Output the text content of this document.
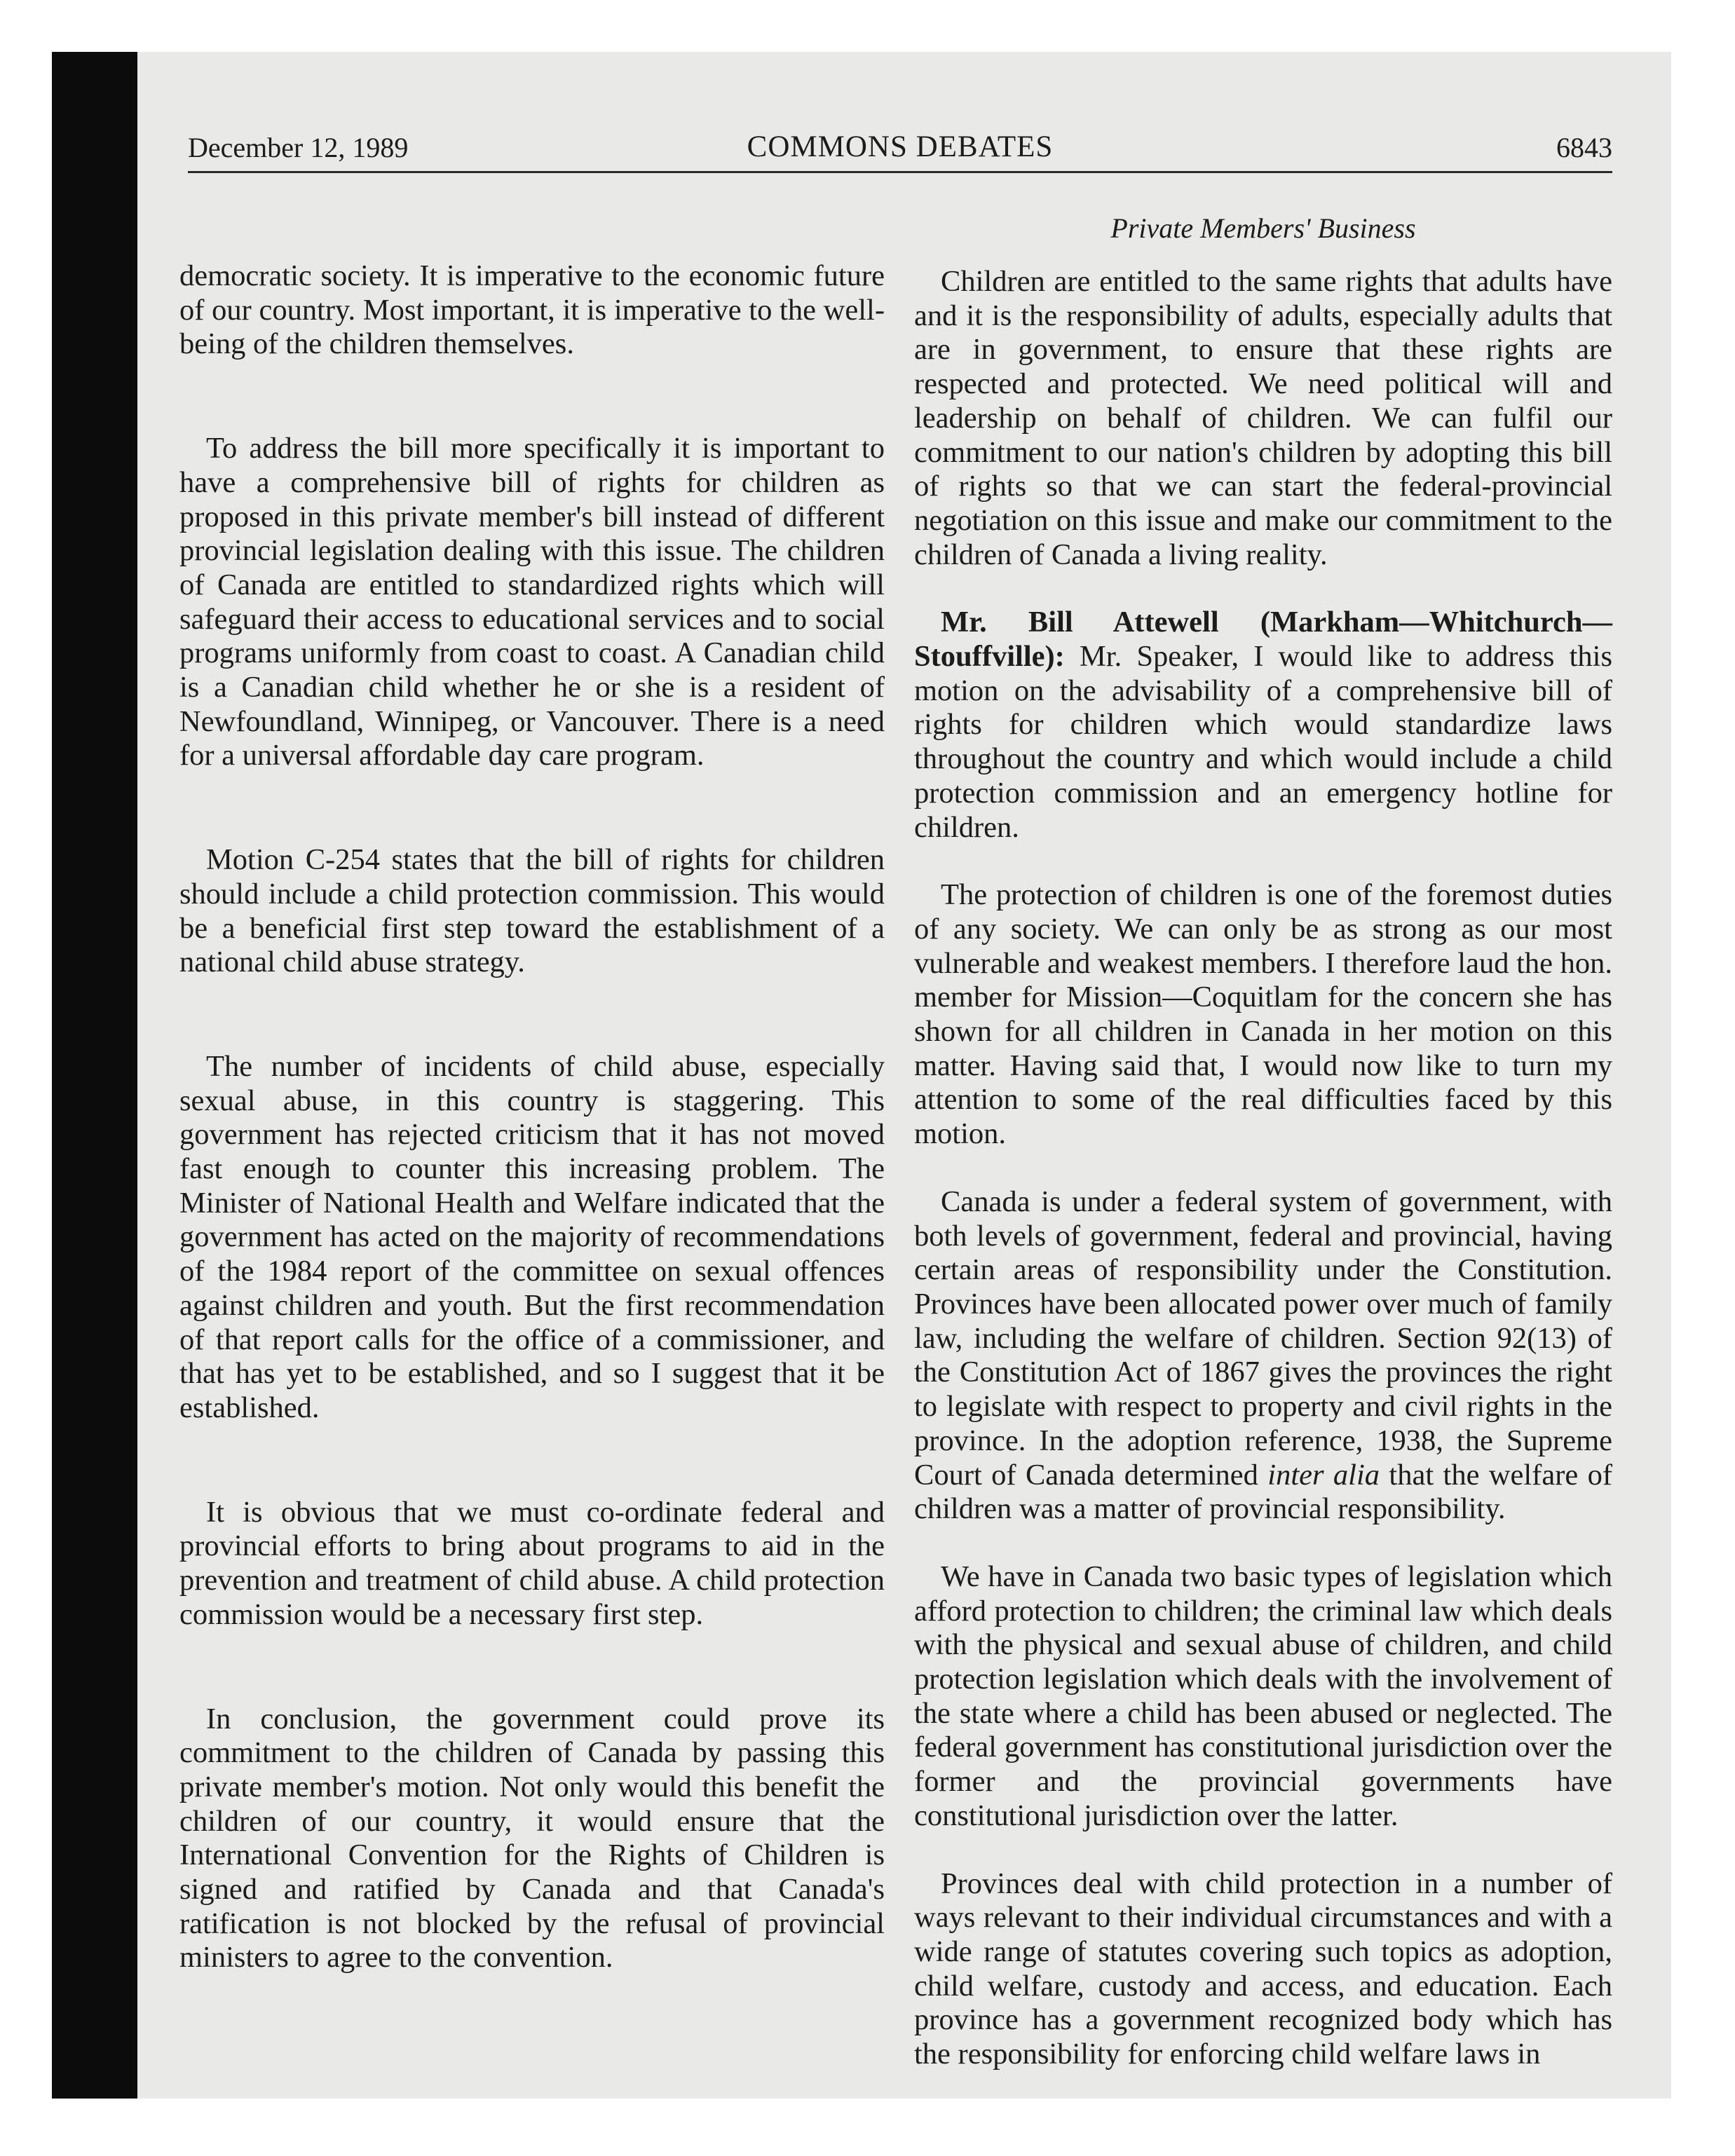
December 12, 1989	COMMONS DEBATES	6843
Private Members' Business

democratic society. It is imperative to the economic future of our country. Most important, it is imperative to the well-being of the children themselves.

To address the bill more specifically it is important to have a comprehensive bill of rights for children as proposed in this private member's bill instead of different provincial legislation dealing with this issue. The children of Canada are entitled to standardized rights which will safeguard their access to educational services and to social programs uniformly from coast to coast. A Canadian child is a Canadian child whether he or she is a resident of Newfoundland, Winnipeg, or Vancouver. There is a need for a universal affordable day care program.

Motion C-254 states that the bill of rights for children should include a child protection commission. This would be a beneficial first step toward the establishment of a national child abuse strategy.

The number of incidents of child abuse, especially sexual abuse, in this country is staggering. This government has rejected criticism that it has not moved fast enough to counter this increasing problem. The Minister of National Health and Welfare indicated that the government has acted on the majority of recommendations of the 1984 report of the committee on sexual offences against children and youth. But the first recommendation of that report calls for the office of a commissioner, and that has yet to be established, and so I suggest that it be established.

It is obvious that we must co-ordinate federal and provincial efforts to bring about programs to aid in the prevention and treatment of child abuse. A child protection commission would be a necessary first step.

In conclusion, the government could prove its commitment to the children of Canada by passing this private member's motion. Not only would this benefit the children of our country, it would ensure that the International Convention for the Rights of Children is signed and ratified by Canada and that Canada's ratification is not blocked by the refusal of provincial ministers to agree to the convention.

Children are entitled to the same rights that adults have and it is the responsibility of adults, especially adults that are in government, to ensure that these rights are respected and protected. We need political will and leadership on behalf of children. We can fulfil our commitment to our nation's children by adopting this bill of rights so that we can start the federal-provincial negotiation on this issue and make our commitment to the children of Canada a living reality.

Mr. Bill Attewell (Markham—Whitchurch—Stouffville): Mr. Speaker, I would like to address this motion on the advisability of a comprehensive bill of rights for children which would standardize laws throughout the country and which would include a child protection commission and an emergency hotline for children.

The protection of children is one of the foremost duties of any society. We can only be as strong as our most vulnerable and weakest members. I therefore laud the hon. member for Mission—Coquitlam for the concern she has shown for all children in Canada in her motion on this matter. Having said that, I would now like to turn my attention to some of the real difficulties faced by this motion.

Canada is under a federal system of government, with both levels of government, federal and provincial, having certain areas of responsibility under the Constitution. Provinces have been allocated power over much of family law, including the welfare of children. Section 92(13) of the Constitution Act of 1867 gives the provinces the right to legislate with respect to property and civil rights in the province. In the adoption reference, 1938, the Supreme Court of Canada determined inter alia that the welfare of children was a matter of provincial responsibility.

We have in Canada two basic types of legislation which afford protection to children; the criminal law which deals with the physical and sexual abuse of children, and child protection legislation which deals with the involvement of the state where a child has been abused or neglected. The federal government has constitutional jurisdiction over the former and the provincial governments have constitutional jurisdiction over the latter.

Provinces deal with child protection in a number of ways relevant to their individual circumstances and with a wide range of statutes covering such topics as adoption, child welfare, custody and access, and education. Each province has a government recognized body which has the responsibility for enforcing child welfare laws in
